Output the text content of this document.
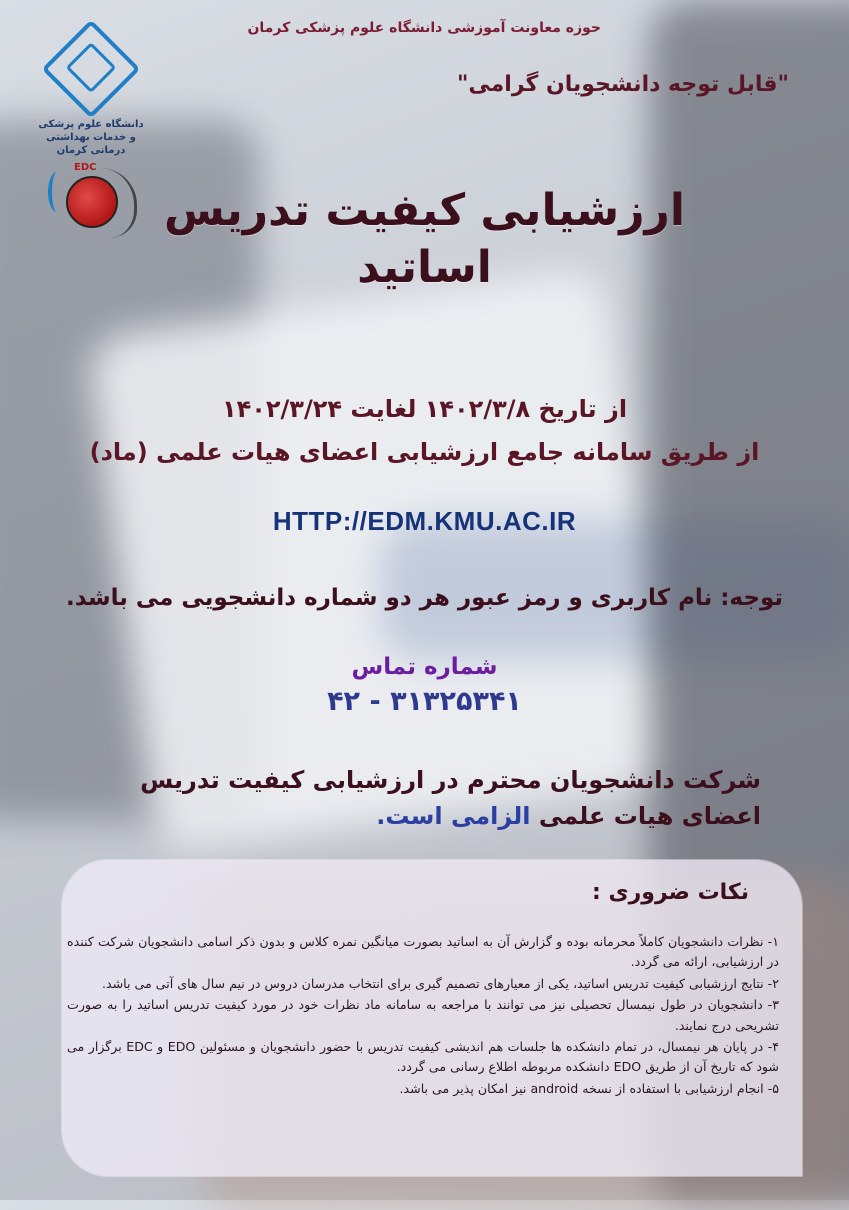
حوزه معاونت آموزشی دانشگاه علوم پزشکی کرمان
دانشگاه علوم پزشکی و خدمات بهداشتی درمانی کرمان
EDC
"قابل توجه دانشجویان گرامی"
ارزشیابی کیفیت تدریس
اساتید
از تاریخ ۱۴۰۲/۳/۸ لغایت ۱۴۰۲/۳/۲۴
از طریق سامانه جامع ارزشیابی اعضای هیات علمی (ماد)
HTTP://EDM.KMU.AC.IR
توجه: نام کاربری و رمز عبور هر دو شماره دانشجویی می باشد.
شماره تماس
۳۱۳۲۵۳۴۱ - ۴۲
شرکت دانشجویان محترم در ارزشیابی کیفیت تدریس اعضای هیات علمی الزامی است.
نکات ضروری :
۱- نظرات دانشجویان کاملاً محرمانه بوده و گزارش آن به اساتید بصورت میانگین نمره کلاس و بدون ذکر اسامی دانشجویان شرکت کننده در ارزشیابی، ارائه می گردد.
۲- نتایج ارزشیابی کیفیت تدریس اساتید، یکی از معیارهای تصمیم گیری برای انتخاب مدرسان دروس در نیم سال های آتی می باشد.
۳- دانشجویان در طول نیمسال تحصیلی نیز می توانند با مراجعه به سامانه ماد نظرات خود در مورد کیفیت تدریس اساتید را به صورت تشریحی درج نمایند.
۴- در پایان هر نیمسال، در تمام دانشکده ها جلسات هم اندیشی کیفیت تدریس با حضور دانشجویان و مسئولین EDO و EDC برگزار می شود که تاریخ آن از طریق EDO دانشکده مربوطه اطلاع رسانی می گردد.
۵- انجام ارزشیابی با استفاده از نسخه android نیز امکان پذیر می باشد.
